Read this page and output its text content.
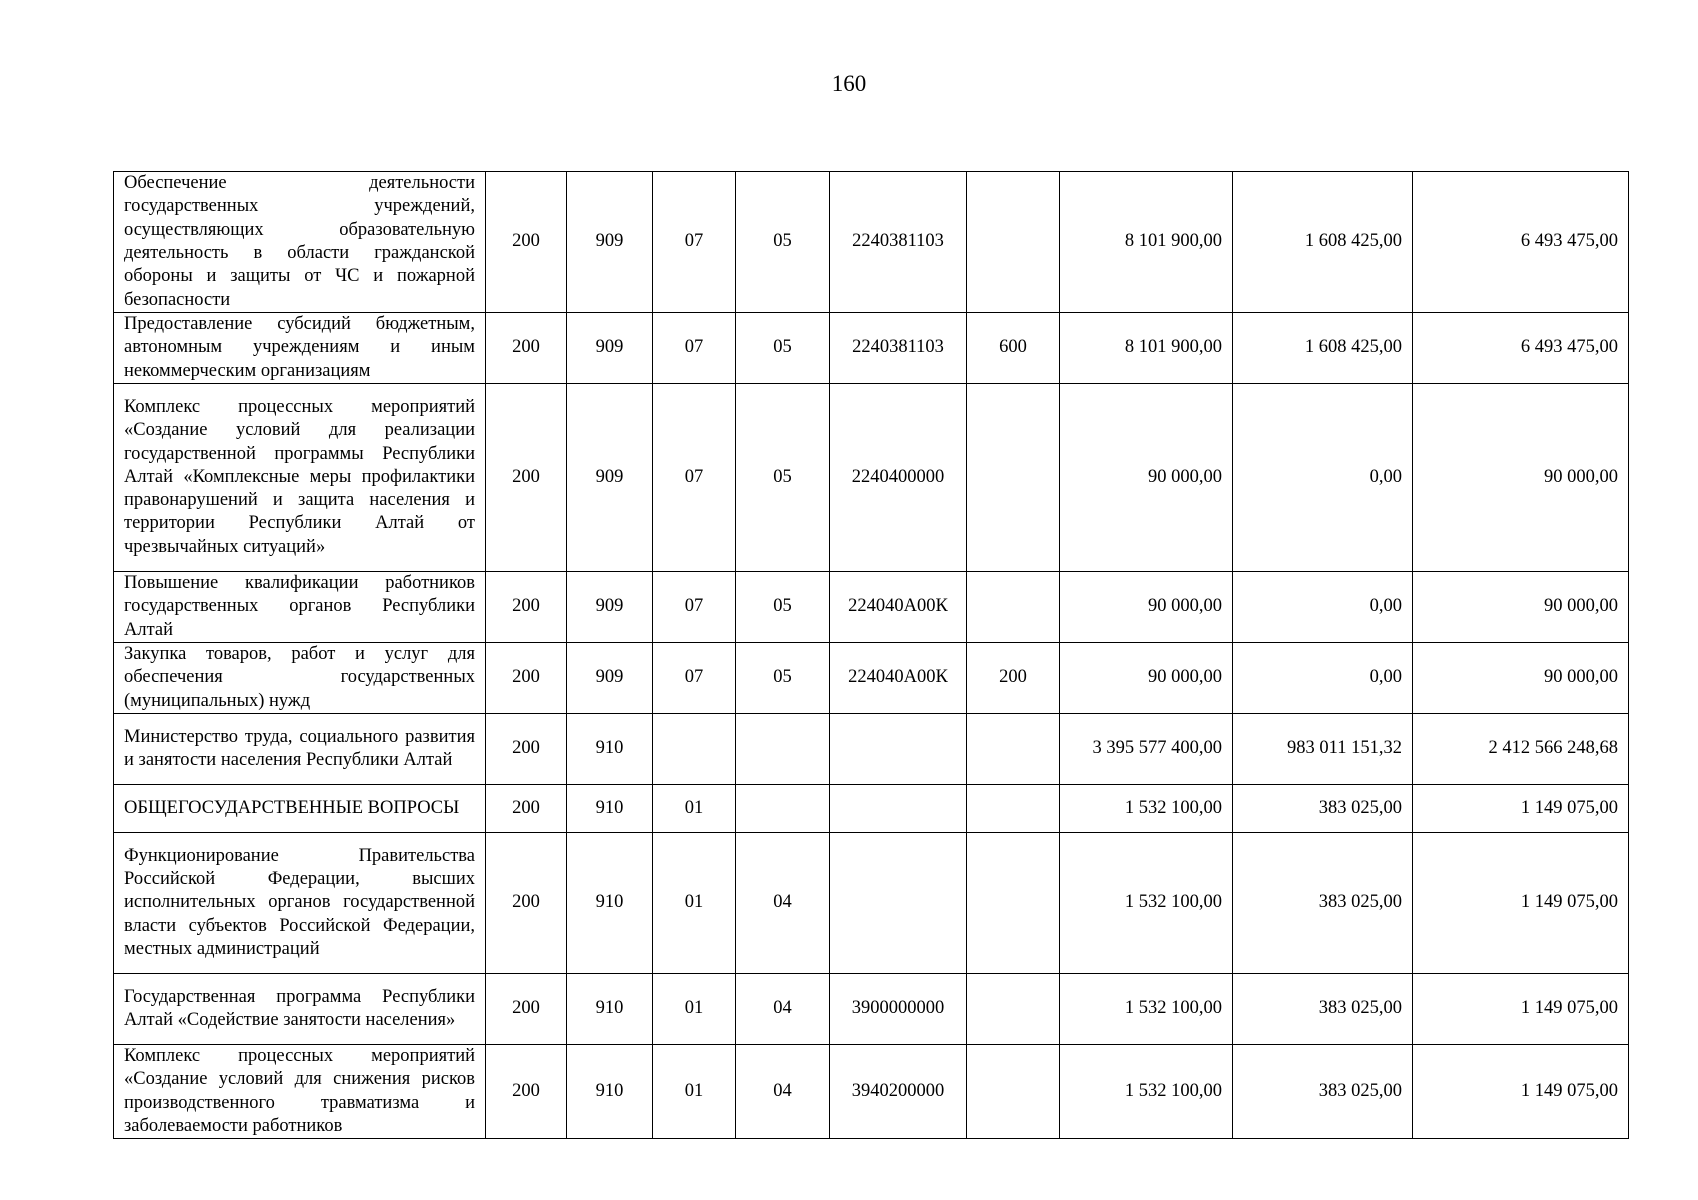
160
Обеспечение деятельности государственных учреждений, осуществляющих образовательную деятельность в области гражданской обороны и защиты от ЧС и пожарной безопасности	200	909	07	05	2240381103		8 101 900,00	1 608 425,00	6 493 475,00
Предоставление субсидий бюджетным, автономным учреждениям и иным некоммерческим организациям	200	909	07	05	2240381103	600	8 101 900,00	1 608 425,00	6 493 475,00
Комплекс процессных мероприятий «Создание условий для реализации государственной программы Республики Алтай «Комплексные меры профилактики правонарушений и защита населения и территории Республики Алтай от чрезвычайных ситуаций»	200	909	07	05	2240400000		90 000,00	0,00	90 000,00
Повышение квалификации работников государственных органов Республики Алтай	200	909	07	05	224040А00К		90 000,00	0,00	90 000,00
Закупка товаров, работ и услуг для обеспечения государственных (муниципальных) нужд	200	909	07	05	224040А00К	200	90 000,00	0,00	90 000,00
Министерство труда, социального развития и занятости населения Республики Алтай	200	910					3 395 577 400,00	983 011 151,32	2 412 566 248,68
ОБЩЕГОСУДАРСТВЕННЫЕ ВОПРОСЫ	200	910	01				1 532 100,00	383 025,00	1 149 075,00
Функционирование Правительства Российской Федерации, высших исполнительных органов государственной власти субъектов Российской Федерации, местных администраций	200	910	01	04			1 532 100,00	383 025,00	1 149 075,00
Государственная программа Республики Алтай «Содействие занятости населения»	200	910	01	04	3900000000		1 532 100,00	383 025,00	1 149 075,00
Комплекс процессных мероприятий «Создание условий для снижения рисков производственного травматизма и заболеваемости работников	200	910	01	04	3940200000		1 532 100,00	383 025,00	1 149 075,00
